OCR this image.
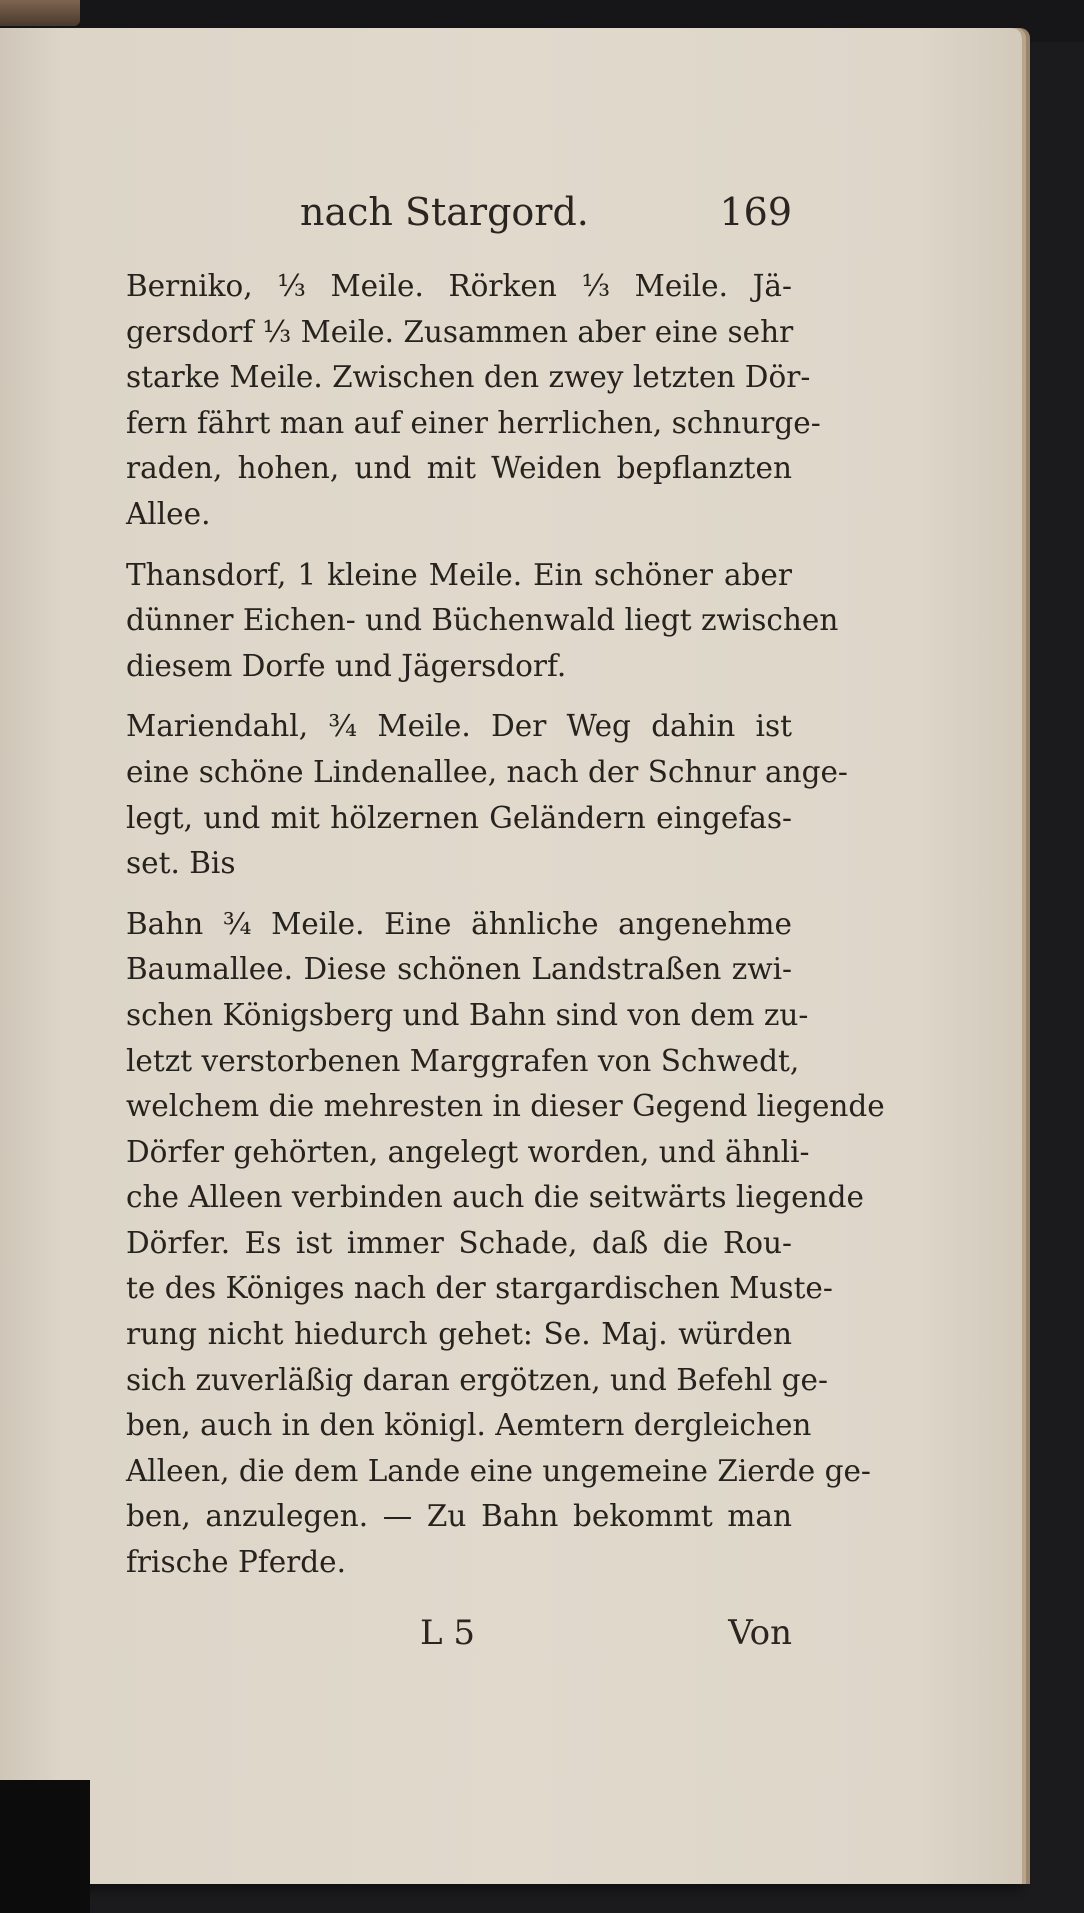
nach Stargord.	169
Berniko, ⅓ Meile. Rörken ⅓ Meile. Jä-
gersdorf ⅓ Meile. Zusammen aber eine sehr
starke Meile. Zwischen den zwey letzten Dör-
fern fährt man auf einer herrlichen, schnurge-
raden, hohen, und mit Weiden bepflanzten
Allee.
Thansdorf, 1 kleine Meile. Ein schöner aber
dünner Eichen- und Büchenwald liegt zwischen
diesem Dorfe und Jägersdorf.
Mariendahl, ¾ Meile. Der Weg dahin ist
eine schöne Lindenallee, nach der Schnur ange-
legt, und mit hölzernen Geländern eingefas-
set. Bis
Bahn ¾ Meile. Eine ähnliche angenehme
Baumallee. Diese schönen Landstraßen zwi-
schen Königsberg und Bahn sind von dem zu-
letzt verstorbenen Marggrafen von Schwedt,
welchem die mehresten in dieser Gegend liegende
Dörfer gehörten, angelegt worden, und ähnli-
che Alleen verbinden auch die seitwärts liegende
Dörfer. Es ist immer Schade, daß die Rou-
te des Königes nach der stargardischen Muste-
rung nicht hiedurch gehet: Se. Maj. würden
sich zuverläßig daran ergötzen, und Befehl ge-
ben, auch in den königl. Aemtern dergleichen
Alleen, die dem Lande eine ungemeine Zierde ge-
ben, anzulegen. — Zu Bahn bekommt man
frische Pferde.
L 5	Von
